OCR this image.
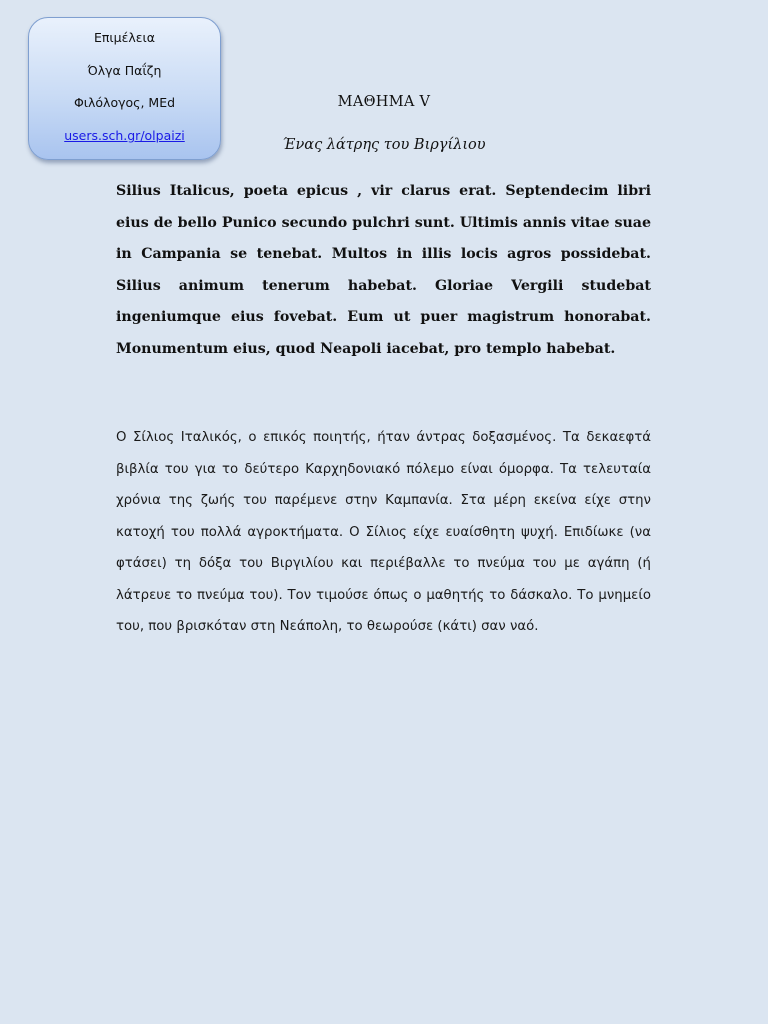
Επιμέλεια
Όλγα Παΐζη
Φιλόλογος, MEd
users.sch.gr/olpaizi
ΜΑΘΗΜΑ V
Ένας λάτρης του Βιργίλιου
Silius Italicus, poeta epicus , vir clarus erat. Septendecim libri eius de bello Punico secundo pulchri sunt. Ultimis annis vitae suae in Campania se tenebat. Multos in illis locis agros possidebat. Silius animum tenerum habebat. Gloriae Vergili studebat ingeniumque eius fovebat. Eum ut puer magistrum honorabat. Monumentum eius, quod Neapoli iacebat, pro templo habebat.
Ο Σίλιος Ιταλικός, ο επικός ποιητής, ήταν άντρας δοξασμένος. Τα δεκαεφτά βιβλία του για το δεύτερο Καρχηδονιακό πόλεμο είναι όμορφα. Τα τελευταία χρόνια της ζωής του παρέμενε στην Καμπανία. Στα μέρη εκείνα είχε στην κατοχή του πολλά αγροκτήματα. Ο Σίλιος είχε ευαίσθητη ψυχή. Επιδίωκε (να φτάσει) τη δόξα του Βιργιλίου και περιέβαλλε το πνεύμα του με αγάπη (ή λάτρευε το πνεύμα του). Τον τιμούσε όπως ο μαθητής το δάσκαλο. Το μνημείο του, που βρισκόταν στη Νεάπολη, το θεωρούσε (κάτι) σαν ναό.
